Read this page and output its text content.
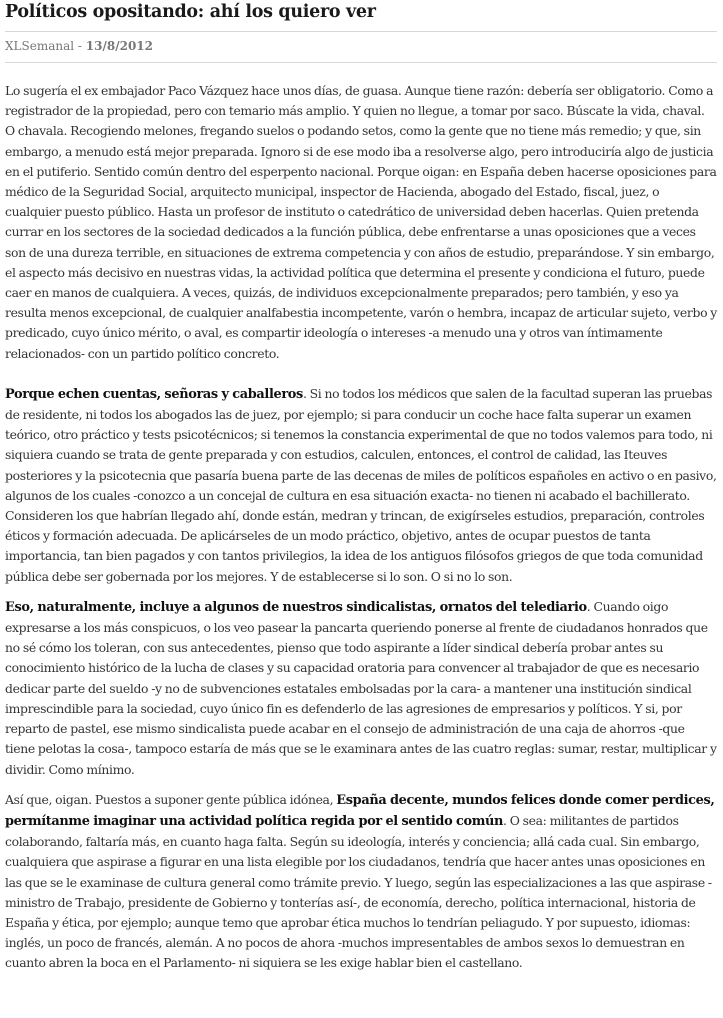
Políticos opositando: ahí los quiero ver
XLSemanal - 13/8/2012

Lo sugería el ex embajador Paco Vázquez hace unos días, de guasa. Aunque tiene razón: debería ser obligatorio. Como a registrador de la propiedad, pero con temario más amplio. Y quien no llegue, a tomar por saco. Búscate la vida, chaval. O chavala. Recogiendo melones, fregando suelos o podando setos, como la gente que no tiene más remedio; y que, sin embargo, a menudo está mejor preparada. Ignoro si de ese modo iba a resolverse algo, pero introduciría algo de justicia en el putiferio. Sentido común dentro del esperpento nacional. Porque oigan: en España deben hacerse oposiciones para médico de la Seguridad Social, arquitecto municipal, inspector de Hacienda, abogado del Estado, fiscal, juez, o cualquier puesto público. Hasta un profesor de instituto o catedrático de universidad deben hacerlas. Quien pretenda currar en los sectores de la sociedad dedicados a la función pública, debe enfrentarse a unas oposiciones que a veces son de una dureza terrible, en situaciones de extrema competencia y con años de estudio, preparándose. Y sin embargo, el aspecto más decisivo en nuestras vidas, la actividad política que determina el presente y condiciona el futuro, puede caer en manos de cualquiera. A veces, quizás, de individuos excepcionalmente preparados; pero también, y eso ya resulta menos excepcional, de cualquier analfabestia incompetente, varón o hembra, incapaz de articular sujeto, verbo y predicado, cuyo único mérito, o aval, es compartir ideología o intereses -a menudo una y otros van íntimamente relacionados- con un partido político concreto.

Porque echen cuentas, señoras y caballeros. Si no todos los médicos que salen de la facultad superan las pruebas de residente, ni todos los abogados las de juez, por ejemplo; si para conducir un coche hace falta superar un examen teórico, otro práctico y tests psicotécnicos; si tenemos la constancia experimental de que no todos valemos para todo, ni siquiera cuando se trata de gente preparada y con estudios, calculen, entonces, el control de calidad, las Iteuves posteriores y la psicotecnia que pasaría buena parte de las decenas de miles de políticos españoles en activo o en pasivo, algunos de los cuales -conozco a un concejal de cultura en esa situación exacta- no tienen ni acabado el bachillerato. Consideren los que habrían llegado ahí, donde están, medran y trincan, de exigírseles estudios, preparación, controles éticos y formación adecuada. De aplicárseles de un modo práctico, objetivo, antes de ocupar puestos de tanta importancia, tan bien pagados y con tantos privilegios, la idea de los antiguos filósofos griegos de que toda comunidad pública debe ser gobernada por los mejores. Y de establecerse si lo son. O si no lo son.

Eso, naturalmente, incluye a algunos de nuestros sindicalistas, ornatos del telediario. Cuando oigo expresarse a los más conspicuos, o los veo pasear la pancarta queriendo ponerse al frente de ciudadanos honrados que no sé cómo los toleran, con sus antecedentes, pienso que todo aspirante a líder sindical debería probar antes su conocimiento histórico de la lucha de clases y su capacidad oratoria para convencer al trabajador de que es necesario dedicar parte del sueldo -y no de subvenciones estatales embolsadas por la cara- a mantener una institución sindical imprescindible para la sociedad, cuyo único fin es defenderlo de las agresiones de empresarios y políticos. Y si, por reparto de pastel, ese mismo sindicalista puede acabar en el consejo de administración de una caja de ahorros -que tiene pelotas la cosa-, tampoco estaría de más que se le examinara antes de las cuatro reglas: sumar, restar, multiplicar y dividir. Como mínimo.

Así que, oigan. Puestos a suponer gente pública idónea, España decente, mundos felices donde comer perdices, permítanme imaginar una actividad política regida por el sentido común. O sea: militantes de partidos colaborando, faltaría más, en cuanto haga falta. Según su ideología, interés y conciencia; allá cada cual. Sin embargo, cualquiera que aspirase a figurar en una lista elegible por los ciudadanos, tendría que hacer antes unas oposiciones en las que se le examinase de cultura general como trámite previo. Y luego, según las especializaciones a las que aspirase -ministro de Trabajo, presidente de Gobierno y tonterías así-, de economía, derecho, política internacional, historia de España y ética, por ejemplo; aunque temo que aprobar ética muchos lo tendrían peliagudo. Y por supuesto, idiomas: inglés, un poco de francés, alemán. A no pocos de ahora -muchos impresentables de ambos sexos lo demuestran en cuanto abren la boca en el Parlamento- ni siquiera se les exige hablar bien el castellano.
